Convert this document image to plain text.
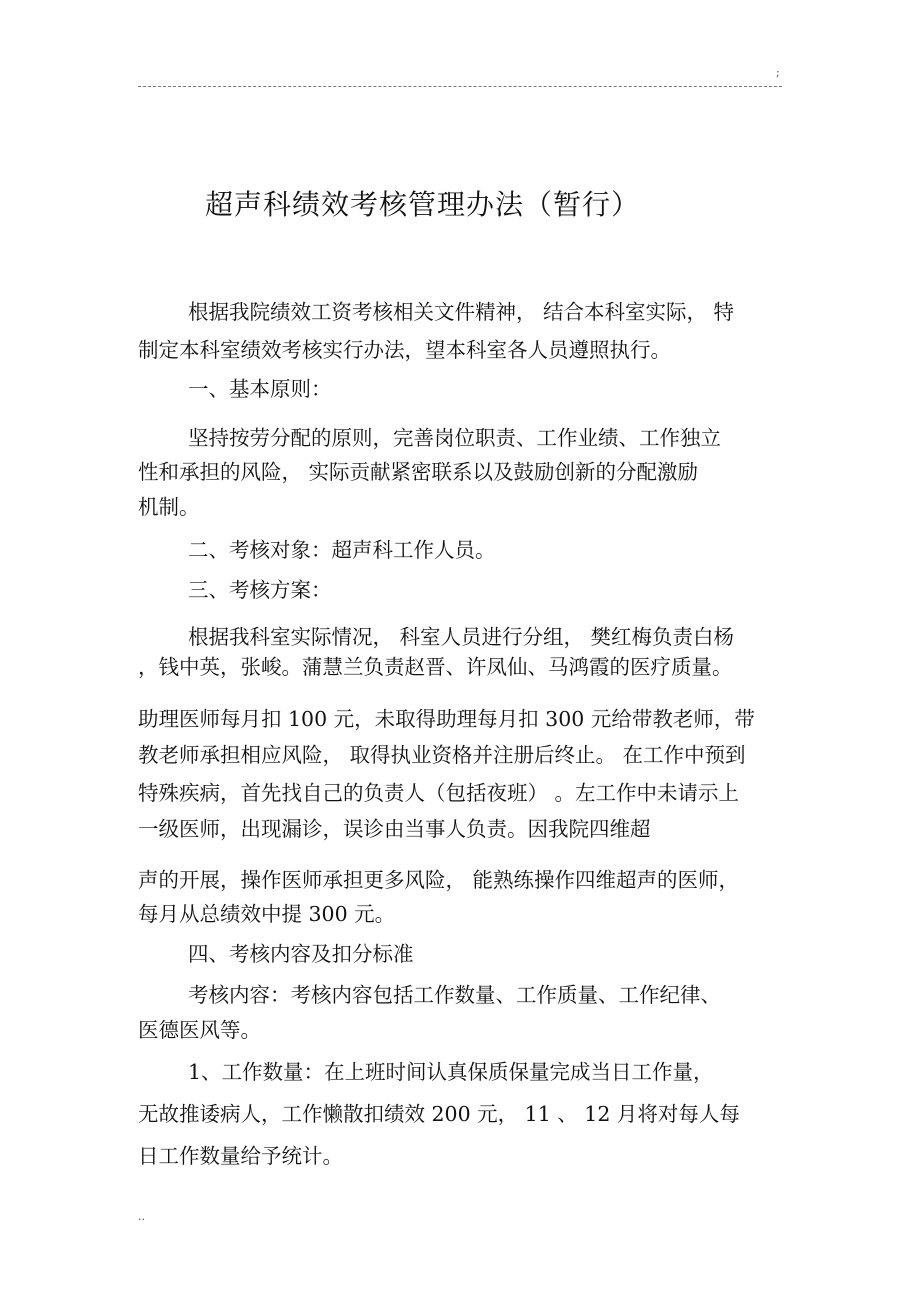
;
超声科绩效考核管理办法（暂行）
根据我院绩效工资考核相关文件精神， 结合本科室实际， 特
制定本科室绩效考核实行办法，望本科室各人员遵照执行。
一、基本原则：
坚持按劳分配的原则，完善岗位职责、工作业绩、工作独立
性和承担的风险， 实际贡献紧密联系以及鼓励创新的分配激励
机制。
二、考核对象：超声科工作人员。
三、考核方案：
根据我科室实际情况， 科室人员进行分组， 樊红梅负责白杨
，钱中英，张峻。蒲慧兰负责赵晋、许凤仙、马鸿霞的医疗质量。
助理医师每月扣 100 元，未取得助理每月扣 300 元给带教老师，带
教老师承担相应风险， 取得执业资格并注册后终止。 在工作中预到
特殊疾病，首先找自己的负责人（包括夜班） 。左工作中未请示上
一级医师，出现漏诊，误诊由当事人负责。因我院四维超
声的开展，操作医师承担更多风险， 能熟练操作四维超声的医师，
每月从总绩效中提 300 元。
四、考核内容及扣分标准
考核内容：考核内容包括工作数量、工作质量、工作纪律、
医德医风等。
1、工作数量：在上班时间认真保质保量完成当日工作量，
无故推诿病人，工作懒散扣绩效 200 元， 11 、 12 月将对每人每
日工作数量给予统计。
..
